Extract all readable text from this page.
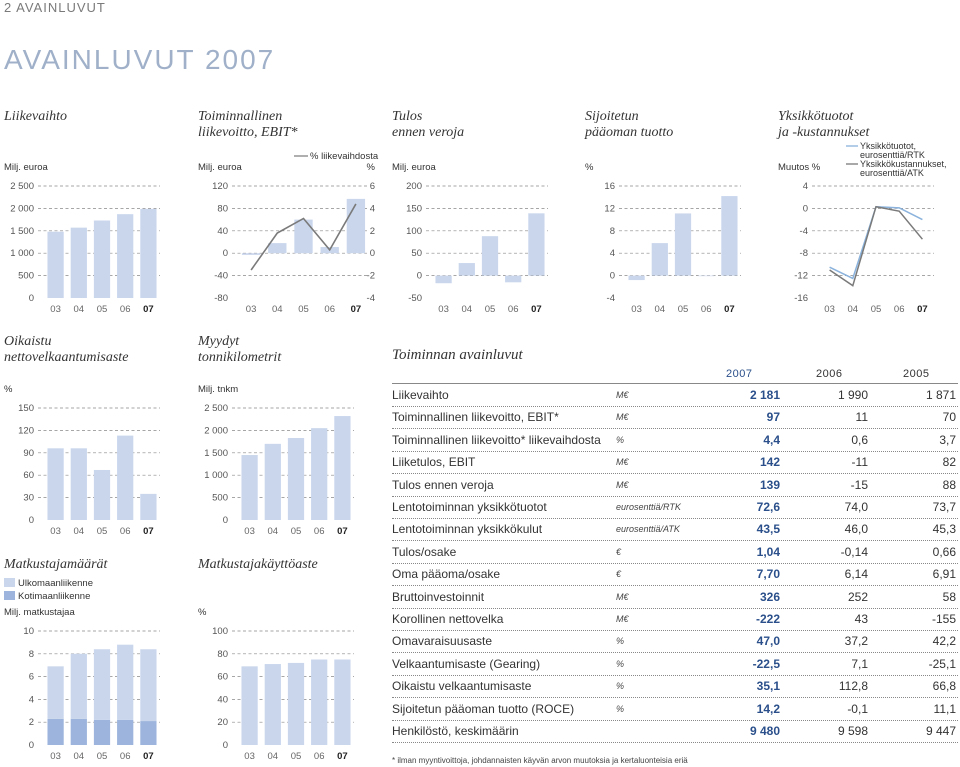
2 AVAINLUVUT
AVAINLUVUT 2007
Liikevaihto
Milj. euroa
0
500
1 000
1 500
2 000
2 500
03 04 05 06 07
Toiminnallinen liikevoitto, EBIT*
Milj. euroa
-80
-40
0
40
80
120
-4
-2
0
2
4
6
%
% liikevaihdosta
03 04 05 06 07
Tulos ennen veroja
Milj. euroa
-50
0
50
100
150
200
03 04 05 06 07
Sijoitetun pääoman tuotto
%
-4
0
4
8
12
16
03 04 05 06 07
Yksikkötuotot ja -kustannukset
Muutos %
-16
-12
-8
-4
0
4
Yksikkötuotot, eurosenttiä/RTK
Yksikkökustannukset, eurosenttiä/ATK
03 04 05 06 07
Oikaistu nettovelkaantumisaste
%
0
30
60
90
120
150
03 04 05 06 07
Myydyt tonnikilometrit
Milj. tnkm
0
500
1 000
1 500
2 000
2 500
03 04 05 06 07
Matkustajamäärät
Milj. matkustajaa
0
2
4
6
8
10
Ulkomaanliikenne
Kotimaanliikenne
03 04 05 06 07
Matkustajakäyttöaste
%
0
20
40
60
80
100
03 04 05 06 07
Toiminnan avainluvut
2007	2006	2005
Liikevaihto	M€	2 181	1 990	1 871
Toiminnallinen liikevoitto, EBIT*	M€	97	11	70
Toiminnallinen liikevoitto* liikevaihdosta %	4,4	0,6	3,7
Liiketulos, EBIT	M€	142	-11	82
Tulos ennen veroja	M€	139	-15	88
Lentotoiminnan yksikkötuotot	eurosenttiä/RTK	72,6	74,0	73,7
Lentotoiminnan yksikkökulut	eurosenttiä/ATK	43,5	46,0	45,3
Tulos/osake	€	1,04	-0,14	0,66
Oma pääoma/osake	€	7,70	6,14	6,91
Bruttoinvestoinnit	M€	326	252	58
Korollinen nettovelka	M€	-222	43	-155
Omavaraisuusaste	%	47,0	37,2	42,2
Velkaantumisaste (Gearing)	%	-22,5	7,1	-25,1
Oikaistu velkaantumisaste	%	35,1	112,8	66,8
Sijoitetun pääoman tuotto (ROCE)	%	14,2	-0,1	11,1
Henkilöstö, keskimäärin	9 480	9 598	9 447
* ilman myyntivoittoja, johdannaisten käyvän arvon muutoksia ja kertaluonteisia eriä
